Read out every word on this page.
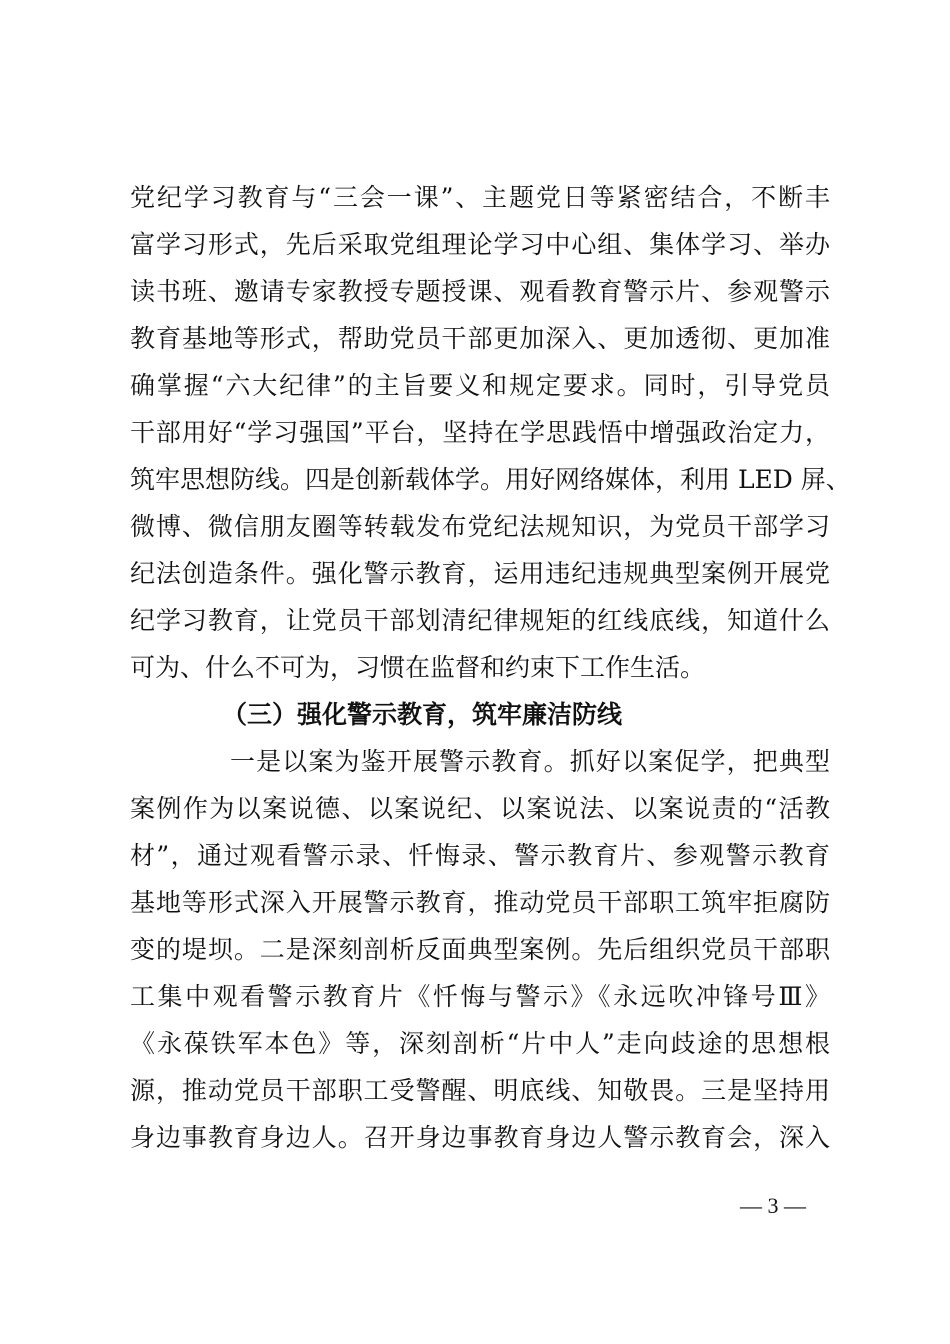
党纪学习教育与“三会一课”、主题党日等紧密结合，不断丰
富学习形式，先后采取党组理论学习中心组、集体学习、举办
读书班、邀请专家教授专题授课、观看教育警示片、参观警示
教育基地等形式，帮助党员干部更加深入、更加透彻、更加准
确掌握“六大纪律”的主旨要义和规定要求。同时，引导党员
干部用好“学习强国”平台，坚持在学思践悟中增强政治定力，
筑牢思想防线。四是创新载体学。用好网络媒体，利用 LED 屏、
微博、微信朋友圈等转载发布党纪法规知识，为党员干部学习
纪法创造条件。强化警示教育，运用违纪违规典型案例开展党
纪学习教育，让党员干部划清纪律规矩的红线底线，知道什么
可为、什么不可为，习惯在监督和约束下工作生活。
（三）强化警示教育，筑牢廉洁防线
一是以案为鉴开展警示教育。抓好以案促学，把典型
案例作为以案说德、以案说纪、以案说法、以案说责的“活教
材”，通过观看警示录、忏悔录、警示教育片、参观警示教育
基地等形式深入开展警示教育，推动党员干部职工筑牢拒腐防
变的堤坝。二是深刻剖析反面典型案例。先后组织党员干部职
工集中观看警示教育片《忏悔与警示》《永远吹冲锋号Ⅲ》
《永葆铁军本色》等，深刻剖析“片中人”走向歧途的思想根
源，推动党员干部职工受警醒、明底线、知敬畏。三是坚持用
身边事教育身边人。召开身边事教育身边人警示教育会，深入
— 3 —
